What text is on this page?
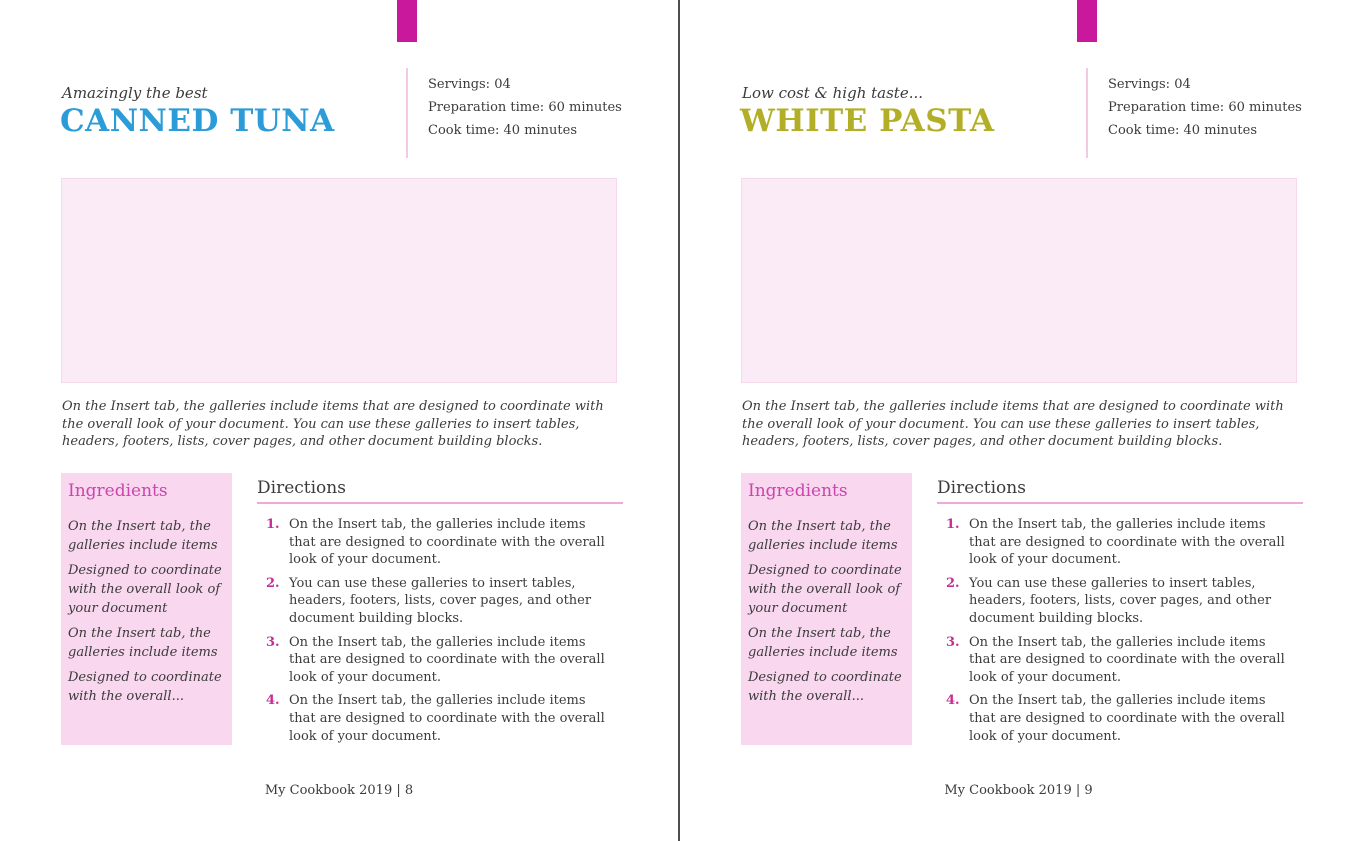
Amazingly the best
CANNED TUNA
Servings: 04
Preparation time: 60 minutes
Cook time: 40 minutes
On the Insert tab, the galleries include items that are designed to coordinate with the overall look of your document. You can use these galleries to insert tables, headers, footers, lists, cover pages, and other document building blocks.
Ingredients

On the Insert tab, the galleries include items

Designed to coordinate with the overall look of your document

On the Insert tab, the galleries include items

Designed to coordinate with the overall...

Directions
1. On the Insert tab, the galleries include items that are designed to coordinate with the overall look of your document.
2. You can use these galleries to insert tables, headers, footers, lists, cover pages, and other document building blocks.
3. On the Insert tab, the galleries include items that are designed to coordinate with the overall look of your document.
4. On the Insert tab, the galleries include items that are designed to coordinate with the overall look of your document.
My Cookbook 2019 | 8
Low cost & high taste...
WHITE PASTA
Servings: 04
Preparation time: 60 minutes
Cook time: 40 minutes
On the Insert tab, the galleries include items that are designed to coordinate with the overall look of your document. You can use these galleries to insert tables, headers, footers, lists, cover pages, and other document building blocks.
Ingredients

On the Insert tab, the galleries include items

Designed to coordinate with the overall look of your document

On the Insert tab, the galleries include items

Designed to coordinate with the overall...

Directions
1. On the Insert tab, the galleries include items that are designed to coordinate with the overall look of your document.
2. You can use these galleries to insert tables, headers, footers, lists, cover pages, and other document building blocks.
3. On the Insert tab, the galleries include items that are designed to coordinate with the overall look of your document.
4. On the Insert tab, the galleries include items that are designed to coordinate with the overall look of your document.
My Cookbook 2019 | 9
